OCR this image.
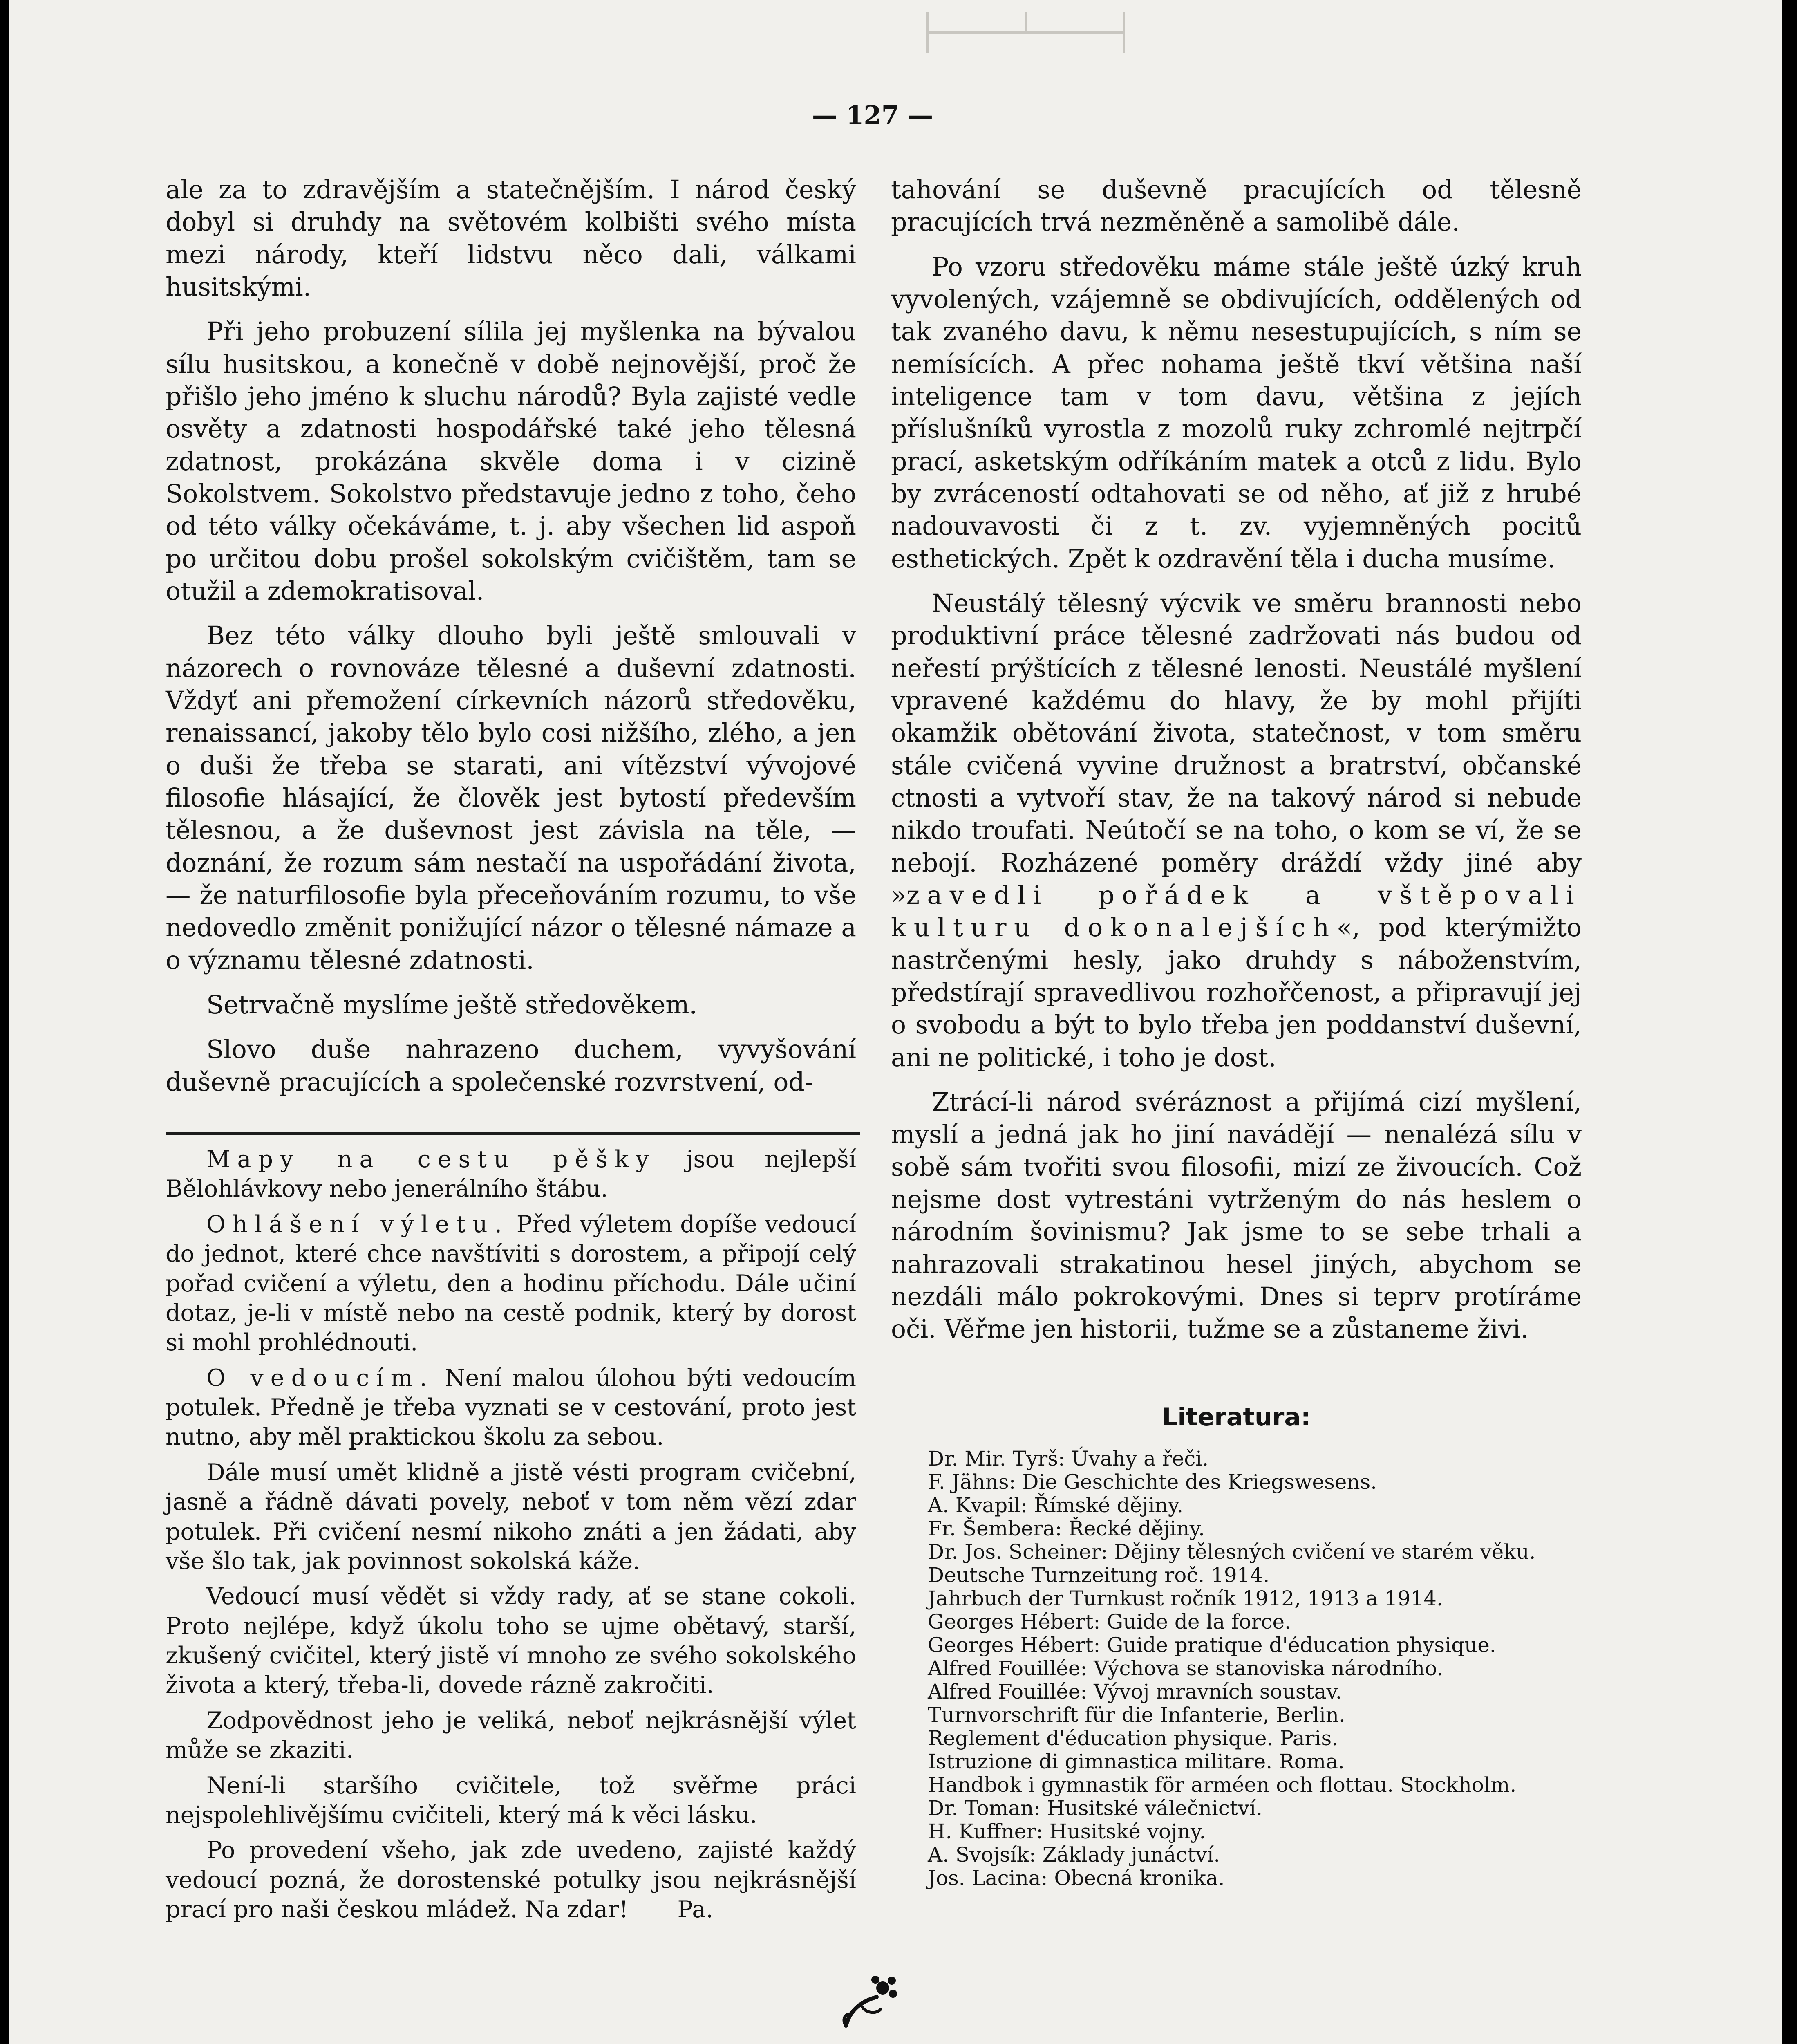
— 127 —

ale za to zdravějším a statečnějším. I národ český dobyl si druhdy na světovém kolbišti svého místa mezi národy, kteří lidstvu něco dali, válkami husitskými.

Při jeho probuzení sílila jej myšlenka na bývalou sílu husitskou, a konečně v době nejnovější, proč že přišlo jeho jméno k sluchu národů? Byla zajisté vedle osvěty a zdatnosti hospodářské také jeho tělesná zdatnost, prokázána skvěle doma i v cizině Sokolstvem. Sokolstvo představuje jedno z toho, čeho od této války očekáváme, t. j. aby všechen lid aspoň po určitou dobu prošel sokolským cvičištěm, tam se otužil a zdemokratisoval.

Bez této války dlouho byli ještě smlouvali v názorech o rovnováze tělesné a duševní zdatnosti. Vždyť ani přemožení církevních názorů středověku, renaissancí, jakoby tělo bylo cosi nižšího, zlého, a jen o duši že třeba se starati, ani vítězství vývojové filosofie hlásající, že člověk jest bytostí především tělesnou, a že duševnost jest závisla na těle, — doznání, že rozum sám nestačí na uspořádání života, — že naturfilosofie byla přeceňováním rozumu, to vše nedovedlo změnit ponižující názor o tělesné námaze a o významu tělesné zdatnosti.

Setrvačně myslíme ještě středověkem.

Slovo duše nahrazeno duchem, vyvyšování duševně pracujících a společenské rozvrstvení, od-

Mapy na cestu pěšky jsou nejlepší Bělohlávkovy nebo jenerálního štábu.

Ohlášení výletu. Před výletem dopíše vedoucí do jednot, které chce navštíviti s dorostem, a připojí celý pořad cvičení a výletu, den a hodinu příchodu. Dále učiní dotaz, je-li v místě nebo na cestě podnik, který by dorost si mohl prohlédnouti.

O vedoucím. Není malou úlohou býti vedoucím potulek. Předně je třeba vyznati se v cestování, proto jest nutno, aby měl praktickou školu za sebou.

Dále musí umět klidně a jistě vésti program cvičební, jasně a řádně dávati povely, neboť v tom něm vězí zdar potulek. Při cvičení nesmí nikoho znáti a jen žádati, aby vše šlo tak, jak povinnost sokolská káže.

Vedoucí musí vědět si vždy rady, ať se stane cokoli. Proto nejlépe, když úkolu toho se ujme obětavý, starší, zkušený cvičitel, který jistě ví mnoho ze svého sokolského života a který, třeba-li, dovede rázně zakročiti.

Zodpovědnost jeho je veliká, neboť nejkrásnější výlet může se zkaziti.

Není-li staršího cvičitele, tož svěřme práci nejspolehlivějšímu cvičiteli, který má k věci lásku.

Po provedení všeho, jak zde uvedeno, zajisté každý vedoucí pozná, že dorostenské potulky jsou nejkrásnější prací pro naši českou mládež. Na zdar! Pa.

tahování se duševně pracujících od tělesně pracujících trvá nezměněně a samolibě dále.

Po vzoru středověku máme stále ještě úzký kruh vyvolených, vzájemně se obdivujících, oddělených od tak zvaného davu, k němu nesestupujících, s ním se nemísících. A přec nohama ještě tkví většina naší inteligence tam v tom davu, většina z jejích příslušníků vyrostla z mozolů ruky zchromlé nejtrpčí prací, asketským odříkáním matek a otců z lidu. Bylo by zvráceností odtahovati se od něho, ať již z hrubé nadouvavosti či z t. zv. vyjemněných pocitů esthetických. Zpět k ozdravění těla i ducha musíme.

Neustálý tělesný výcvik ve směru brannosti nebo produktivní práce tělesné zadržovati nás budou od neřestí prýštících z tělesné lenosti. Neustálé myšlení vpravené každému do hlavy, že by mohl přijíti okamžik obětování života, statečnost, v tom směru stále cvičená vyvine družnost a bratrství, občanské ctnosti a vytvoří stav, že na takový národ si nebude nikdo troufati. Neútočí se na toho, o kom se ví, že se nebojí. Rozházené poměry dráždí vždy jiné aby »zavedli pořádek a vštěpovali kulturu dokonalejších«, pod kterýmižto nastrčenými hesly, jako druhdy s náboženstvím, předstírají spravedlivou rozhořčenost, a připravují jej o svobodu a být to bylo třeba jen poddanství duševní, ani ne politické, i toho je dost.

Ztrácí-li národ svéráznost a přijímá cizí myšlení, myslí a jedná jak ho jiní navádějí — nenalézá sílu v sobě sám tvořiti svou filosofii, mizí ze živoucích. Což nejsme dost vytrestáni vytrženým do nás heslem o národním šovinismu? Jak jsme to se sebe trhali a nahrazovali strakatinou hesel jiných, abychom se nezdáli málo pokrokovými. Dnes si teprv protíráme oči. Věřme jen historii, tužme se a zůstaneme živi.

Literatura:
Dr. Mir. Tyrš: Úvahy a řeči.
F. Jähns: Die Geschichte des Kriegswesens.
A. Kvapil: Římské dějiny.
Fr. Šembera: Řecké dějiny.
Dr. Jos. Scheiner: Dějiny tělesných cvičení ve starém věku.
Deutsche Turnzeitung roč. 1914.
Jahrbuch der Turnkust ročník 1912, 1913 a 1914.
Georges Hébert: Guide de la force.
Georges Hébert: Guide pratique d'éducation physique.
Alfred Fouillée: Výchova se stanoviska národního.
Alfred Fouillée: Vývoj mravních soustav.
Turnvorschrift für die Infanterie, Berlin.
Reglement d'éducation physique. Paris.
Istruzione di gimnastica militare. Roma.
Handbok i gymnastik för arméen och flottau. Stockholm.
Dr. Toman: Husitské válečnictví.
H. Kuffner: Husitské vojny.
A. Svojsík: Základy junáctví.
Jos. Lacina: Obecná kronika.
